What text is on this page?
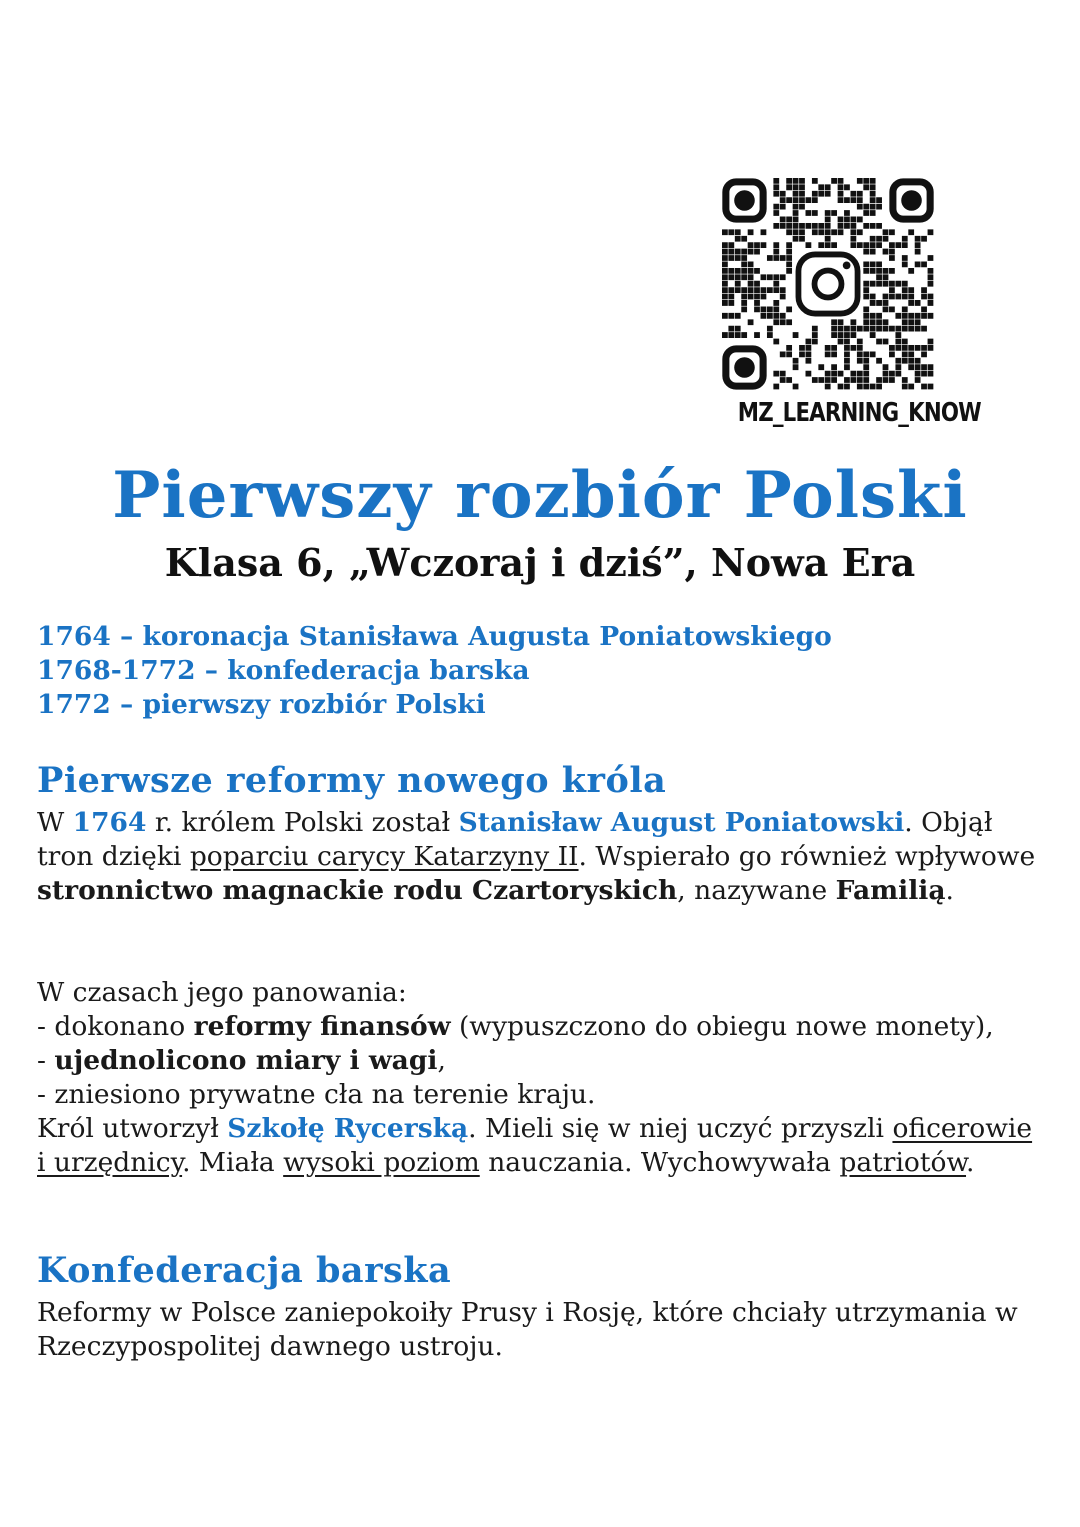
MZ_LEARNING_KNOW
Pierwszy rozbiór Polski
Klasa 6, „Wczoraj i dziś”, Nowa Era
1764 – koronacja Stanisława Augusta Poniatowskiego
1768-1772 – konfederacja barska
1772 – pierwszy rozbiór Polski
Pierwsze reformy nowego króla

W 1764 r. królem Polski został Stanisław August Poniatowski. Objął tron dzięki poparciu carycy Katarzyny II. Wspierało go również wpływowe stronnictwo magnackie rodu Czartoryskich, nazywane Familią.

W czasach jego panowania:

- dokonano reformy finansów (wypuszczono do obiegu nowe monety),

- ujednolicono miary i wagi,

- zniesiono prywatne cła na terenie kraju.

Król utworzył Szkołę Rycerską. Mieli się w niej uczyć przyszli oficerowie i urzędnicy. Miała wysoki poziom nauczania. Wychowywała patriotów.

Konfederacja barska
Reformy w Polsce zaniepokoiły Prusy i Rosję, które chciały utrzymania w Rzeczypospolitej dawnego ustroju.
